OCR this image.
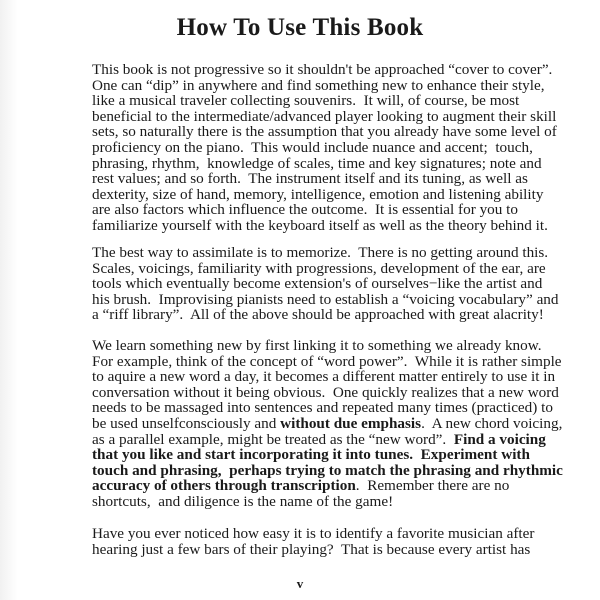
How To Use This Book
This book is not progressive so it shouldn't be approached “cover to cover”.
One can “dip” in anywhere and find something new to enhance their style,
like a musical traveler collecting souvenirs.  It will, of course, be most
beneficial to the intermediate/advanced player looking to augment their skill
sets, so naturally there is the assumption that you already have some level of
proficiency on the piano.  This would include nuance and accent;  touch,
phrasing, rhythm,  knowledge of scales, time and key signatures; note and
rest values; and so forth.  The instrument itself and its tuning, as well as
dexterity, size of hand, memory, intelligence, emotion and listening ability
are also factors which influence the outcome.  It is essential for you to
familiarize yourself with the keyboard itself as well as the theory behind it.
The best way to assimilate is to memorize.  There is no getting around this.
Scales, voicings, familiarity with progressions, development of the ear, are
tools which eventually become extension's of ourselves−like the artist and
his brush.  Improvising pianists need to establish a “voicing vocabulary” and
a “riff library”.  All of the above should be approached with great alacrity!
We learn something new by first linking it to something we already know.
For example, think of the concept of “word power”.  While it is rather simple
to aquire a new word a day, it becomes a different matter entirely to use it in
conversation without it being obvious.  One quickly realizes that a new word
needs to be massaged into sentences and repeated many times (practiced) to
be used unselfconsciously and without due emphasis.  A new chord voicing,
as a parallel example, might be treated as the “new word”.  Find a voicing
that you like and start incorporating it into tunes.  Experiment with
touch and phrasing,  perhaps trying to match the phrasing and rhythmic
accuracy of others through transcription.  Remember there are no
shortcuts,  and diligence is the name of the game!
Have you ever noticed how easy it is to identify a favorite musician after
hearing just a few bars of their playing?  That is because every artist has
v
